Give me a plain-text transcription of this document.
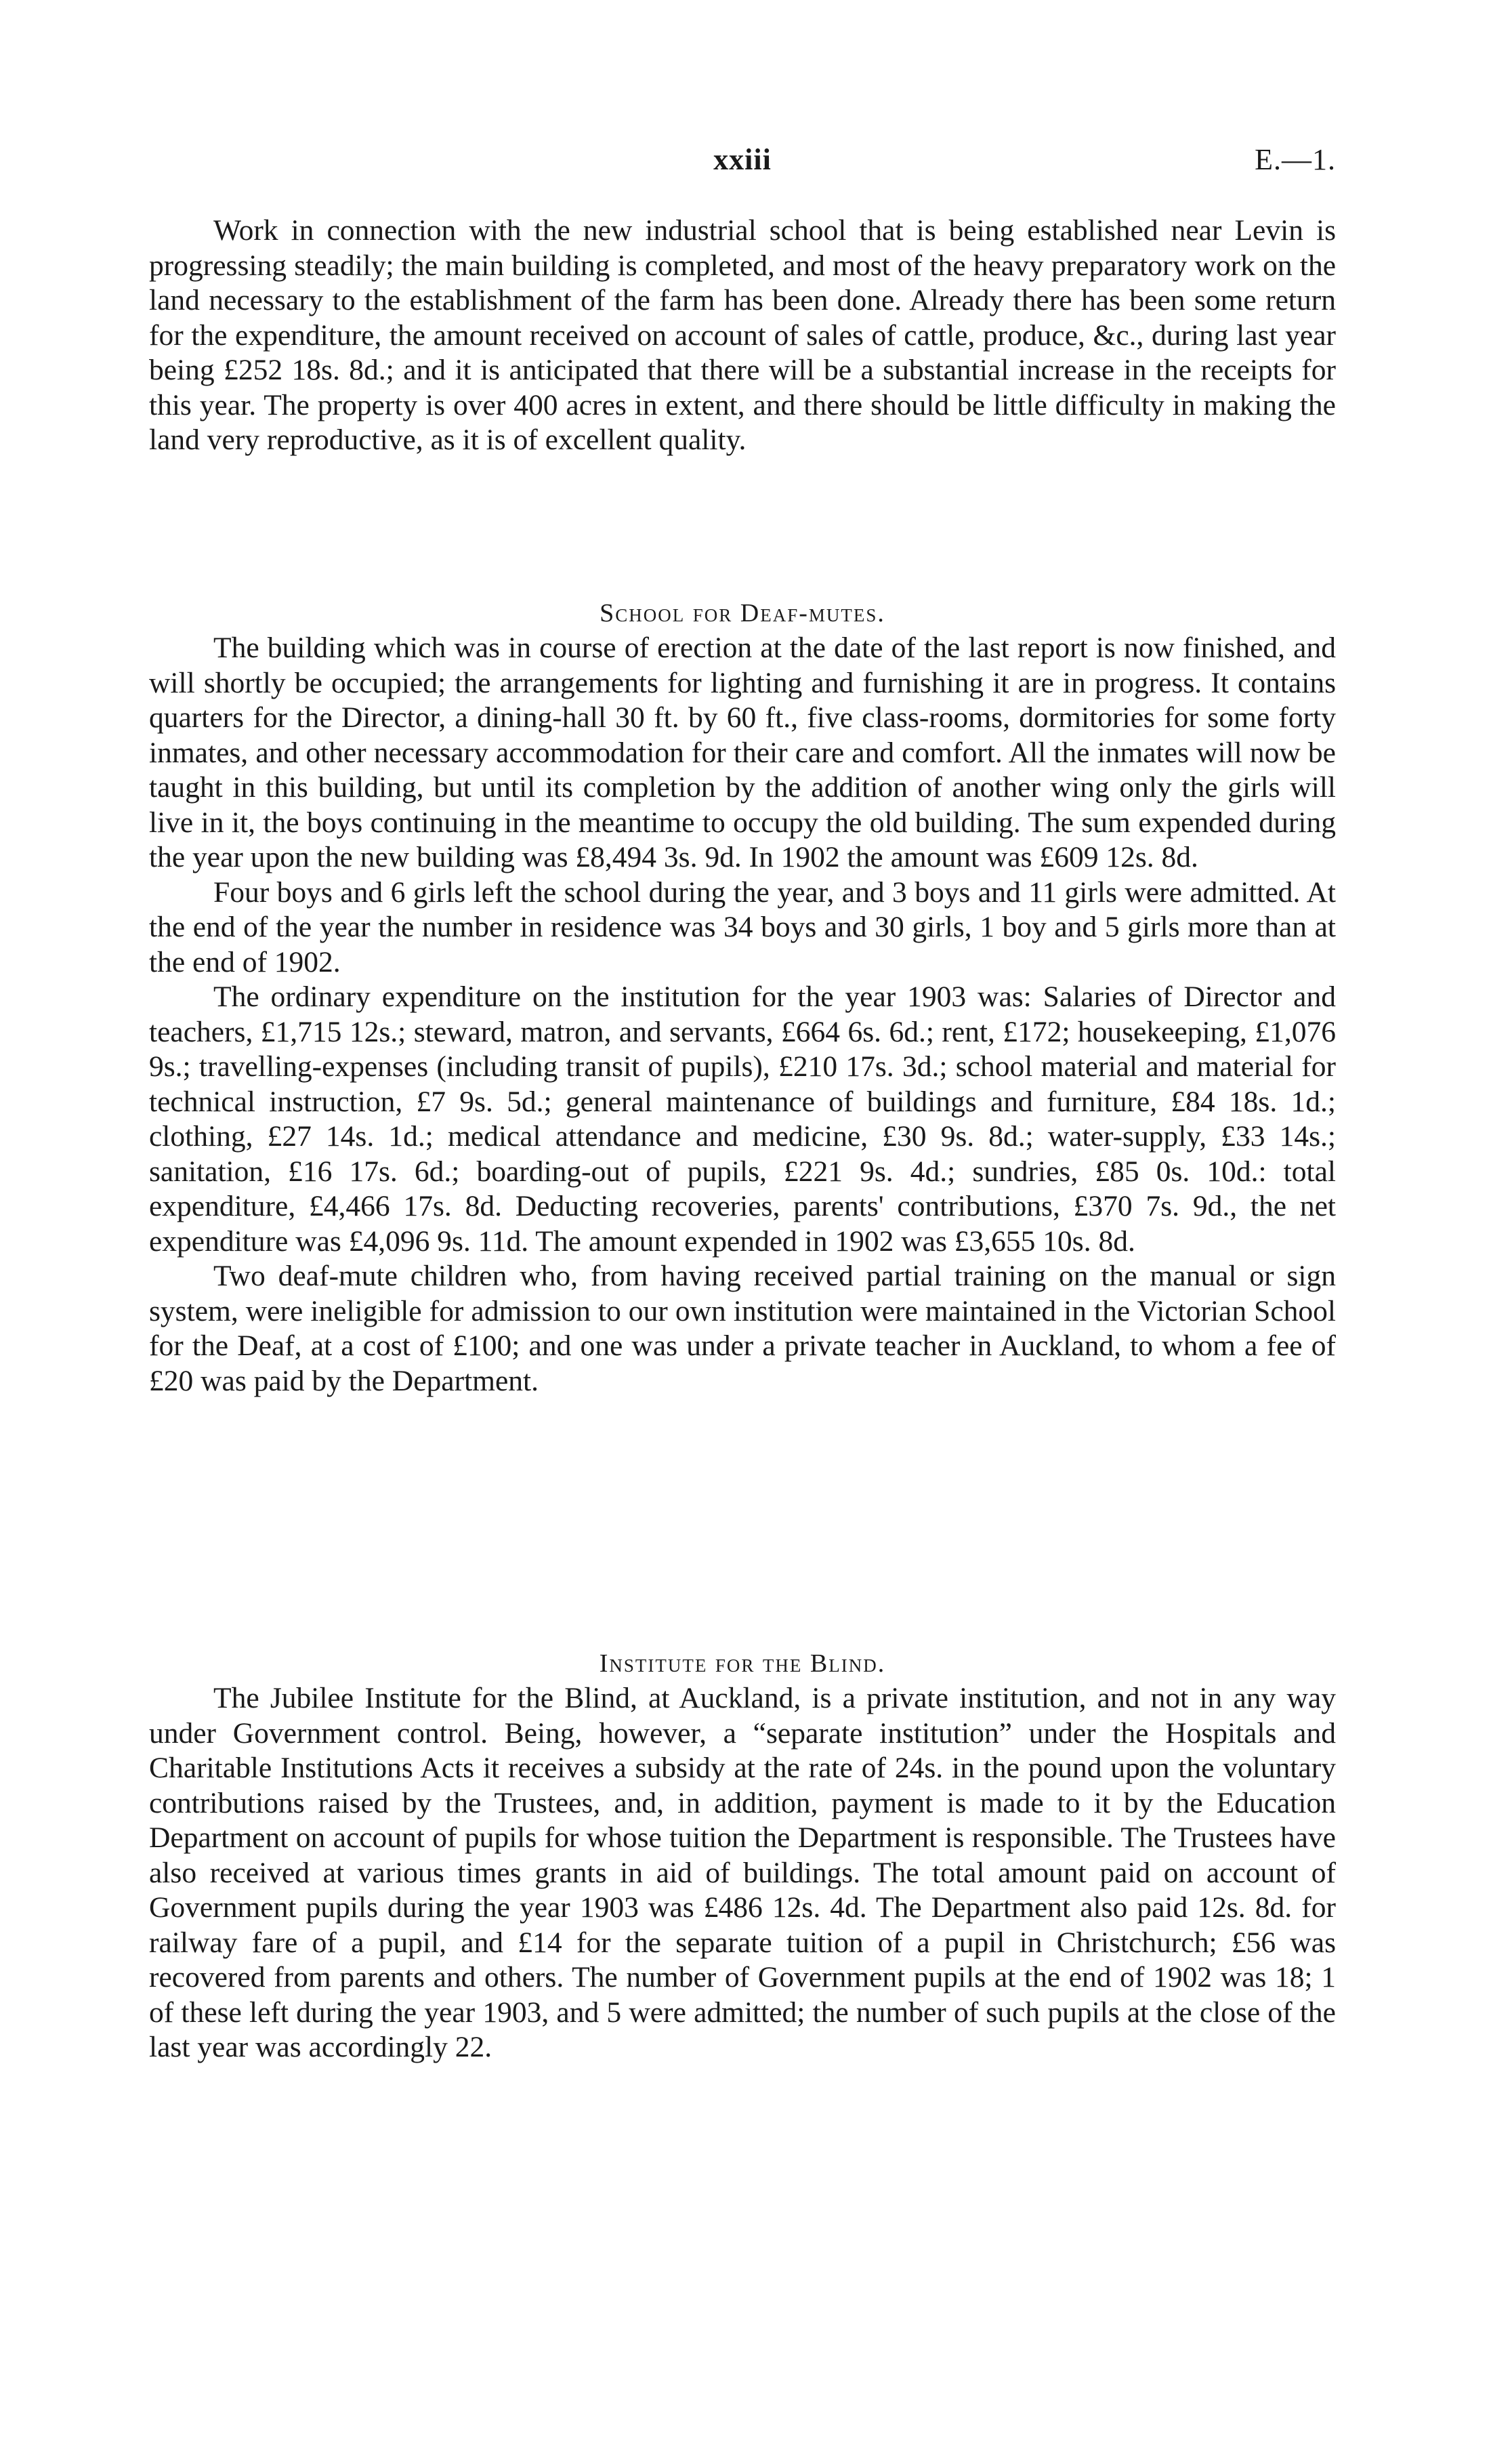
xxiii	E.—1.

Work in connection with the new industrial school that is being established near Levin is progressing steadily; the main building is completed, and most of the heavy preparatory work on the land necessary to the establishment of the farm has been done. Already there has been some return for the expenditure, the amount received on account of sales of cattle, produce, &c., during last year being £252 18s. 8d.; and it is anticipated that there will be a substantial increase in the receipts for this year. The property is over 400 acres in extent, and there should be little difficulty in making the land very reproductive, as it is of excellent quality.

School for Deaf-mutes.

The building which was in course of erection at the date of the last report is now finished, and will shortly be occupied; the arrangements for lighting and furnishing it are in progress. It contains quarters for the Director, a dining-hall 30 ft. by 60 ft., five class-rooms, dormitories for some forty inmates, and other necessary accommodation for their care and comfort. All the inmates will now be taught in this building, but until its completion by the addition of another wing only the girls will live in it, the boys continuing in the meantime to occupy the old building. The sum expended during the year upon the new building was £8,494 3s. 9d. In 1902 the amount was £609 12s. 8d.

Four boys and 6 girls left the school during the year, and 3 boys and 11 girls were admitted. At the end of the year the number in residence was 34 boys and 30 girls, 1 boy and 5 girls more than at the end of 1902.

The ordinary expenditure on the institution for the year 1903 was: Salaries of Director and teachers, £1,715 12s.; steward, matron, and servants, £664 6s. 6d.; rent, £172; housekeeping, £1,076 9s.; travelling-expenses (including transit of pupils), £210 17s. 3d.; school material and material for technical instruction, £7 9s. 5d.; general maintenance of buildings and furniture, £84 18s. 1d.; clothing, £27 14s. 1d.; medical attendance and medicine, £30 9s. 8d.; water-supply, £33 14s.; sanitation, £16 17s. 6d.; boarding-out of pupils, £221 9s. 4d.; sundries, £85 0s. 10d.: total expenditure, £4,466 17s. 8d. Deducting recoveries, parents' contributions, £370 7s. 9d., the net expenditure was £4,096 9s. 11d. The amount expended in 1902 was £3,655 10s. 8d.

Two deaf-mute children who, from having received partial training on the manual or sign system, were ineligible for admission to our own institution were maintained in the Victorian School for the Deaf, at a cost of £100; and one was under a private teacher in Auckland, to whom a fee of £20 was paid by the Department.

Institute for the Blind.

The Jubilee Institute for the Blind, at Auckland, is a private institution, and not in any way under Government control. Being, however, a “separate institution” under the Hospitals and Charitable Institutions Acts it receives a subsidy at the rate of 24s. in the pound upon the voluntary contributions raised by the Trustees, and, in addition, payment is made to it by the Education Department on account of pupils for whose tuition the Department is responsible. The Trustees have also received at various times grants in aid of buildings. The total amount paid on account of Government pupils during the year 1903 was £486 12s. 4d. The Department also paid 12s. 8d. for railway fare of a pupil, and £14 for the separate tuition of a pupil in Christchurch; £56 was recovered from parents and others. The number of Government pupils at the end of 1902 was 18; 1 of these left during the year 1903, and 5 were admitted; the number of such pupils at the close of the last year was accordingly 22.
